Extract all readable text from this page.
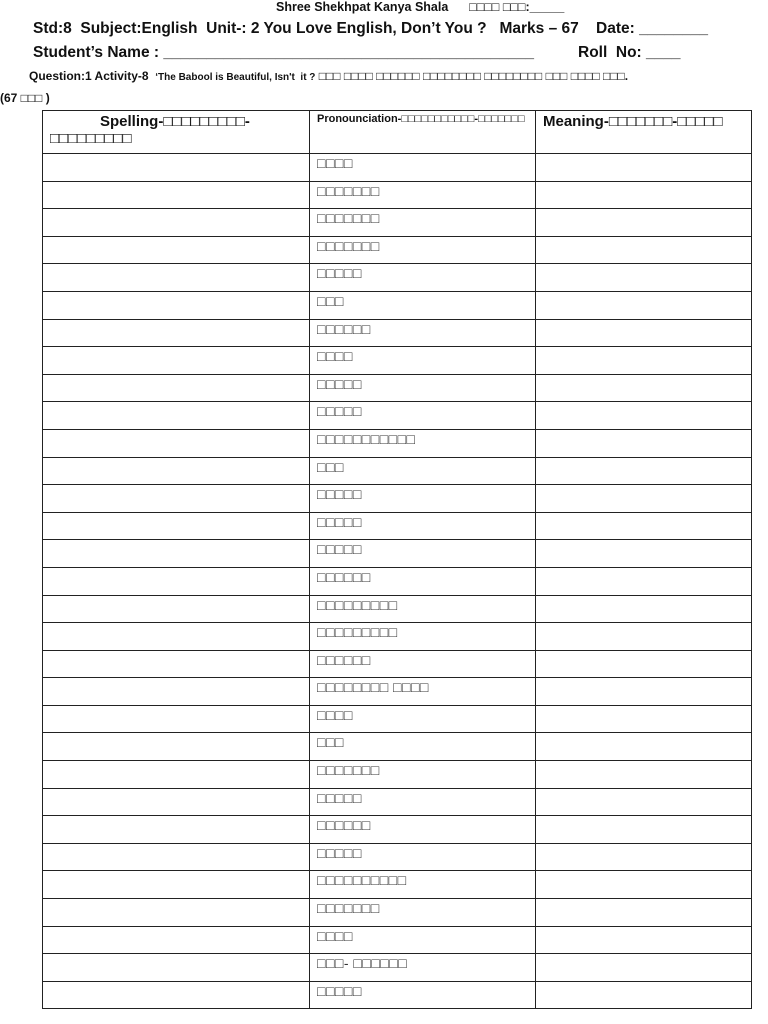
Shree Shekhpat Kanya Shala □□□□ □□□:_____
Std:8 Subject:English Unit-: 2 You Love English, Don’t You ? Marks – 67 Date: ________
Student’s Name : ___________________________________________	Roll  No: ____
Question:1 Activity-8 ‘The Babool is Beautiful, Isn't  it ? □□□ □□□□ □□□□□□ □□□□□□□□ □□□□□□□□ □□□ □□□□ □□□.
(67 □□□ )
Spelling-□□□□□□□□□-
□□□□□□□□□	Pronounciation-□□□□□□□□□□□-□□□□□□□	Meaning-□□□□□□□-□□□□□
	□□□□	
	□□□□□□□	
	□□□□□□□	
	□□□□□□□	
	□□□□□	
	□□□	
	□□□□□□	
	□□□□	
	□□□□□	
	□□□□□	
	□□□□□□□□□□□	
	□□□	
	□□□□□	
	□□□□□	
	□□□□□	
	□□□□□□	
	□□□□□□□□□	
	□□□□□□□□□	
	□□□□□□	
	□□□□□□□□ □□□□	
	□□□□	
	□□□	
	□□□□□□□	
	□□□□□	
	□□□□□□	
	□□□□□	
	□□□□□□□□□□	
	□□□□□□□	
	□□□□	
	□□□- □□□□□□	
	□□□□□	
